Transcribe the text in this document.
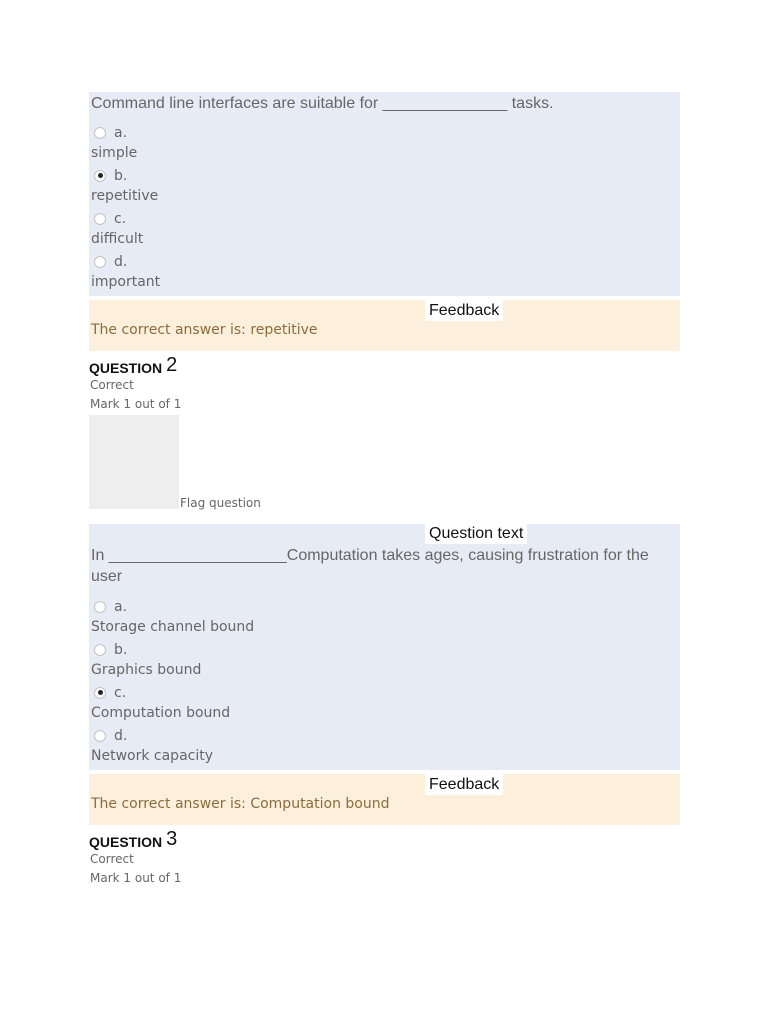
Command line interfaces are suitable for ______________ tasks.

a.
simple
b.
repetitive
c.
difficult
d.
important
Feedback
The correct answer is: repetitive
QUESTION 2
Correct
Mark 1 out of 1
Flag question
Question text

In ____________________Computation takes ages, causing frustration for the user

a.
Storage channel bound
b.
Graphics bound
c.
Computation bound
d.
Network capacity
Feedback
The correct answer is: Computation bound
QUESTION 3
Correct
Mark 1 out of 1
